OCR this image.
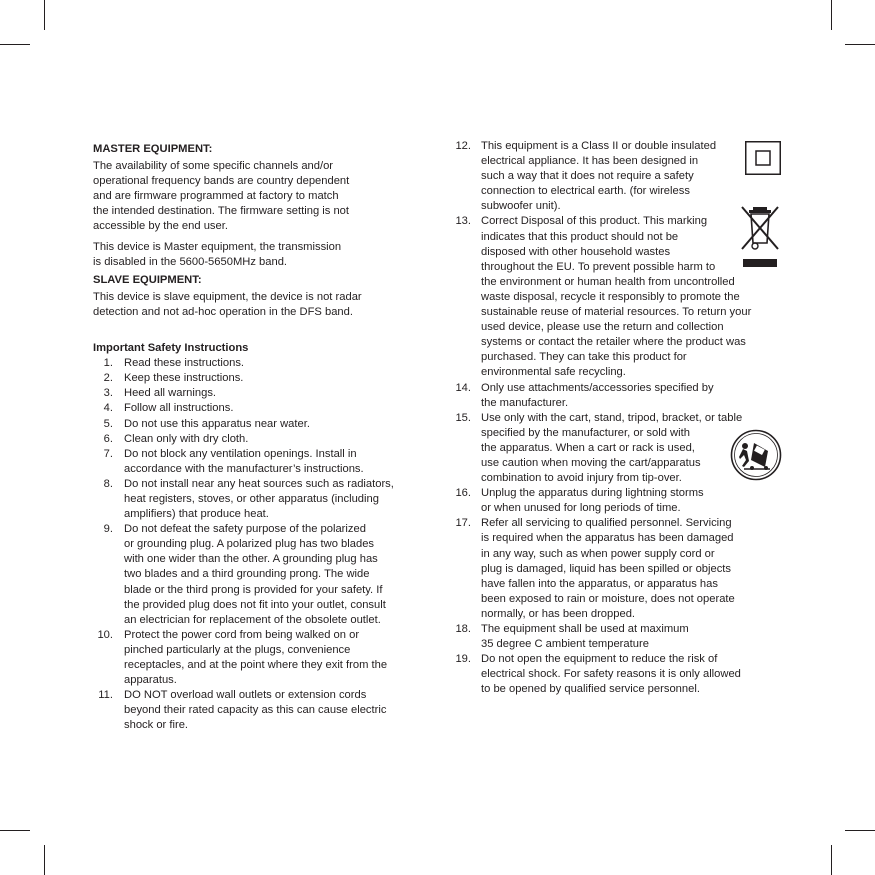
MASTER EQUIPMENT:

The availability of some specific channels and/or
operational frequency bands are country dependent
and are firmware programmed at factory to match
the intended destination. The firmware setting is not
accessible by the end user.

This device is Master equipment, the transmission
is disabled in the 5600-5650MHz band.

SLAVE EQUIPMENT:

This device is slave equipment, the device is not radar
detection and not ad-hoc operation in the DFS band.

Important Safety Instructions

1. Read these instructions.
2. Keep these instructions.
3. Heed all warnings.
4. Follow all instructions.
5. Do not use this apparatus near water.
6. Clean only with dry cloth.
7. Do not block any ventilation openings. Install in
accordance with the manufacturer’s instructions.
8. Do not install near any heat sources such as radiators,
heat registers, stoves, or other apparatus (including
amplifiers) that produce heat.
9. Do not defeat the safety purpose of the polarized
or grounding plug. A polarized plug has two blades
with one wider than the other. A grounding plug has
two blades and a third grounding prong. The wide
blade or the third prong is provided for your safety. If
the provided plug does not fit into your outlet, consult
an electrician for replacement of the obsolete outlet.
10. Protect the power cord from being walked on or
pinched particularly at the plugs, convenience
receptacles, and at the point where they exit from the
apparatus.
11. DO NOT overload wall outlets or extension cords
beyond their rated capacity as this can cause electric
shock or fire.
12. This equipment is a Class II or double insulated
electrical appliance. It has been designed in
such a way that it does not require a safety
connection to electrical earth. (for wireless
subwoofer unit).
13. Correct Disposal of this product. This marking
indicates that this product should not be
disposed with other household wastes
throughout the EU. To prevent possible harm to
the environment or human health from uncontrolled
waste disposal, recycle it responsibly to promote the
sustainable reuse of material resources. To return your
used device, please use the return and collection
systems or contact the retailer where the product was
purchased. They can take this product for
environmental safe recycling.
14. Only use attachments/accessories specified by
the manufacturer.
15. Use only with the cart, stand, tripod, bracket, or table
specified by the manufacturer, or sold with
the apparatus. When a cart or rack is used,
use caution when moving the cart/apparatus
combination to avoid injury from tip-over.
16. Unplug the apparatus during lightning storms
or when unused for long periods of time.
17. Refer all servicing to qualified personnel. Servicing
is required when the apparatus has been damaged
in any way, such as when power supply cord or
plug is damaged, liquid has been spilled or objects
have fallen into the apparatus, or apparatus has
been exposed to rain or moisture, does not operate
normally, or has been dropped.
18. The equipment shall be used at maximum
35 degree C ambient temperature
19. Do not open the equipment to reduce the risk of
electrical shock. For safety reasons it is only allowed
to be opened by qualified service personnel.
